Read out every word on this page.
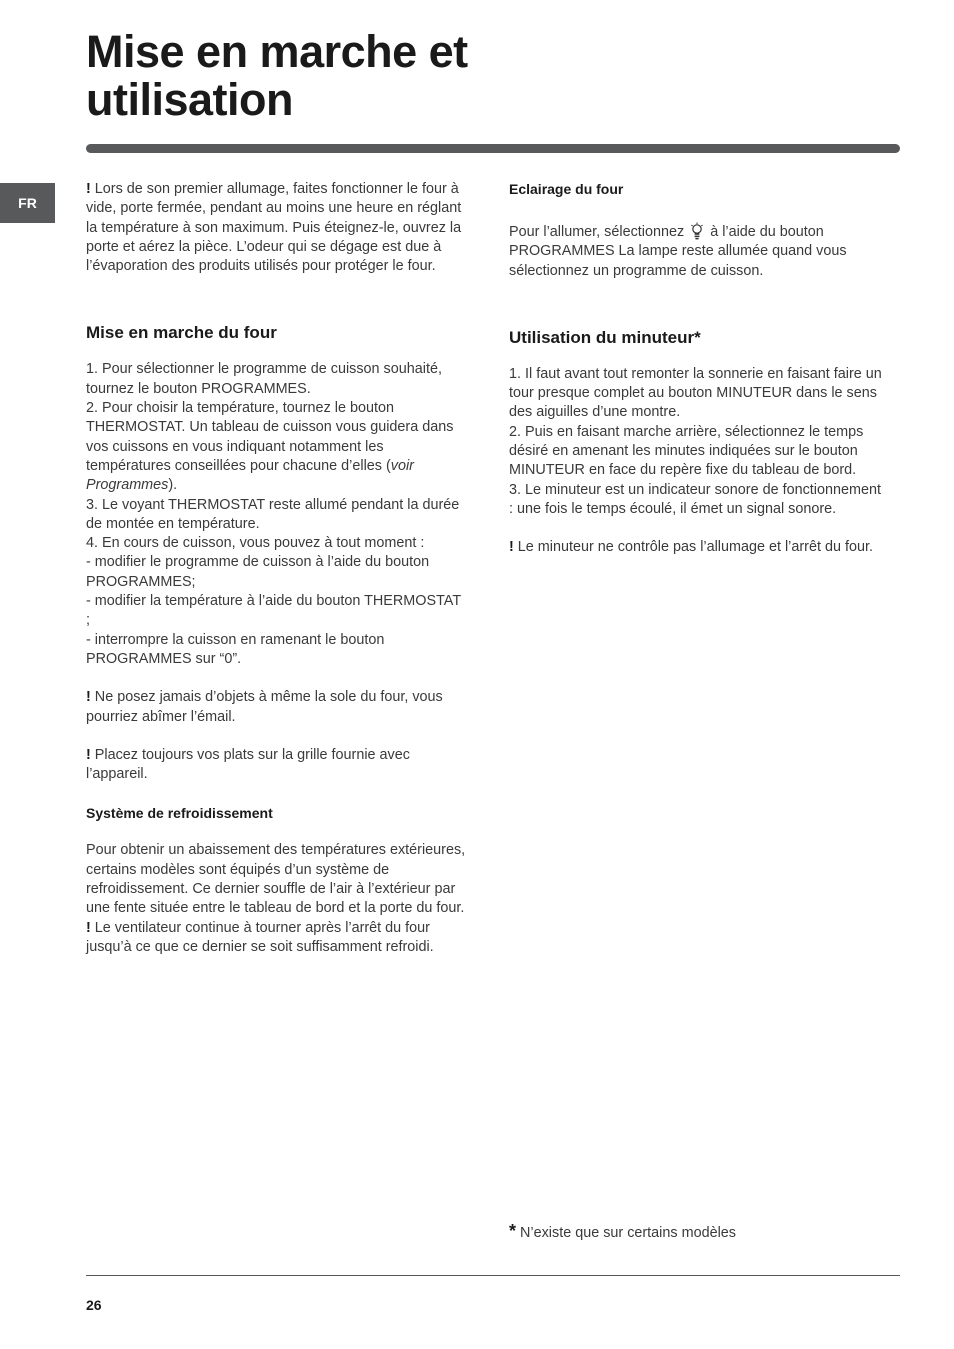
Mise en marche et
utilisation
FR

! Lors de son premier allumage, faites fonctionner le four à vide, porte fermée, pendant au moins une heure en réglant la température à son maximum. Puis éteignez-le, ouvrez la porte et aérez la pièce. L’odeur qui se dégage est due à l’évaporation des produits utilisés pour protéger le four.

Mise en marche du four

1. Pour sélectionner le programme de cuisson souhaité, tournez le bouton PROGRAMMES.

2. Pour choisir la température, tournez le bouton THERMOSTAT. Un tableau de cuisson vous guidera dans vos cuissons en vous indiquant notamment les températures conseillées pour chacune d’elles (voir Programmes).

3. Le voyant THERMOSTAT reste allumé pendant la durée de montée en température.

4. En cours de cuisson, vous pouvez à tout moment :

- modifier le programme de cuisson à l’aide du bouton PROGRAMMES;

- modifier la température à l’aide du bouton THERMOSTAT ;

- interrompre la cuisson en ramenant le bouton PROGRAMMES sur “0”.

! Ne posez jamais d’objets à même la sole du four, vous pourriez abîmer l’émail.

! Placez toujours vos plats sur la grille fournie avec l’appareil.

Système de refroidissement

Pour obtenir un abaissement des températures extérieures, certains modèles sont équipés d’un système de refroidissement. Ce dernier souffle de l’air à l’extérieur par une fente située entre le tableau de bord et la porte du four.

! Le ventilateur continue à tourner après l’arrêt du four jusqu’à ce que ce dernier se soit suffisamment refroidi.

Eclairage du four

Pour l’allumer, sélectionnez à l’aide du bouton PROGRAMMES La lampe reste allumée quand vous sélectionnez un programme de cuisson.

Utilisation du minuteur*

1. Il faut avant tout remonter la sonnerie en faisant faire un tour presque complet au bouton MINUTEUR dans le sens des aiguilles d’une montre.

2. Puis en faisant marche arrière, sélectionnez le temps désiré en amenant les minutes indiquées sur le bouton MINUTEUR en face du repère fixe du tableau de bord.

3. Le minuteur est un indicateur sonore de fonctionnement : une fois le temps écoulé, il émet un signal sonore.

! Le minuteur ne contrôle pas l’allumage et l’arrêt du four.

* N’existe que sur certains modèles
26
